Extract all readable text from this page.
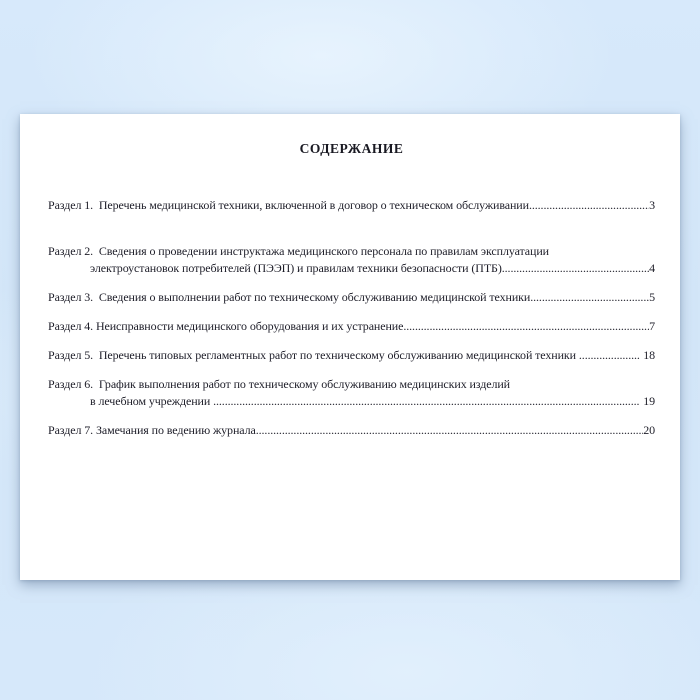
СОДЕРЖАНИЕ
Раздел 1.  Перечень медицинской техники, включенной в договор о техническом обслуживании .....	3
Раздел 2.  Сведения о проведении инструктажа медицинского персонала по правилам эксплуатации
электроустановок потребителей (ПЭЭП) и правилам техники безопасности (ПТБ) .....	4
Раздел 3.  Сведения о выполнении работ по техническому обслуживанию медицинской техники .....	5
Раздел 4. Неисправности медицинского оборудования и их устранение .....	7
Раздел 5.  Перечень типовых регламентных работ по техническому обслуживанию медицинской техники .....	18
Раздел 6.  График выполнения работ по техническому обслуживанию медицинских изделий
в лечебном учреждении .....	19
Раздел 7. Замечания по ведению журнала .....	20
